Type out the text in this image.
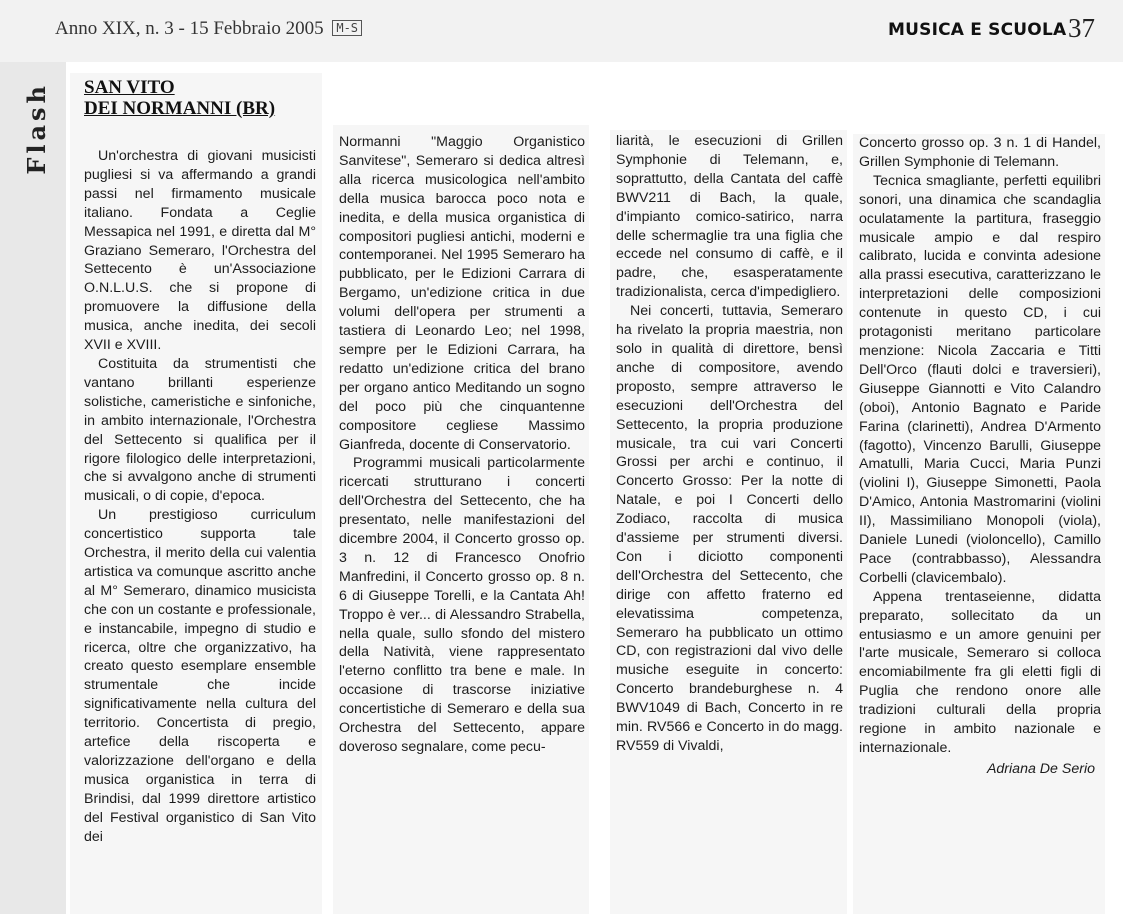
Anno XIX, n. 3 - 15 Febbraio 2005 M-S	MUSICA E SCUOLA 37
Flash SAN VITO
DEI NORMANNI (BR)

Un'orchestra di giovani musicisti pugliesi si va affermando a grandi passi nel firmamento musicale italiano. Fondata a Ceglie Messapica nel 1991, e diretta dal M° Graziano Semeraro, l'Orchestra del Settecento è un'Associazione O.N.L.U.S. che si propone di promuovere la diffusione della musica, anche inedita, dei secoli XVII e XVIII.

Costituita da strumentisti che vantano brillanti esperienze solistiche, cameristiche e sinfoniche, in ambito internazionale, l'Orchestra del Settecento si qualifica per il rigore filologico delle interpretazioni, che si avvalgono anche di strumenti musicali, o di copie, d'epoca.

Un prestigioso curriculum concertistico supporta tale Orchestra, il merito della cui valentia artistica va comunque ascritto anche al M° Semeraro, dinamico musicista che con un costante e professionale, e instancabile, impegno di studio e ricerca, oltre che organizzativo, ha creato questo esemplare ensemble strumentale che incide significativamente nella cultura del territorio. Concertista di pregio, artefice della riscoperta e valorizzazione dell'organo e della musica organistica in terra di Brindisi, dal 1999 direttore artistico del Festival organistico di San Vito dei

Normanni "Maggio Organistico Sanvitese", Semeraro si dedica altresì alla ricerca musicologica nell'ambito della musica barocca poco nota e inedita, e della musica organistica di compositori pugliesi antichi, moderni e contemporanei. Nel 1995 Semeraro ha pubblicato, per le Edizioni Carrara di Bergamo, un'edizione critica in due volumi dell'opera per strumenti a tastiera di Leonardo Leo; nel 1998, sempre per le Edizioni Carrara, ha redatto un'edizione critica del brano per organo antico Meditando un sogno del poco più che cinquantenne compositore cegliese Massimo Gianfreda, docente di Conservatorio.

Programmi musicali particolarmente ricercati strutturano i concerti dell'Orchestra del Settecento, che ha presentato, nelle manifestazioni del dicembre 2004, il Concerto grosso op. 3 n. 12 di Francesco Onofrio Manfredini, il Concerto grosso op. 8 n. 6 di Giuseppe Torelli, e la Cantata Ah! Troppo è ver... di Alessandro Strabella, nella quale, sullo sfondo del mistero della Natività, viene rappresentato l'eterno conflitto tra bene e male. In occasione di trascorse iniziative concertistiche di Semeraro e della sua Orchestra del Settecento, appare doveroso segnalare, come pecu-

liarità, le esecuzioni di Grillen Symphonie di Telemann, e, soprattutto, della Cantata del caffè BWV211 di Bach, la quale, d'impianto comico-satirico, narra delle schermaglie tra una figlia che eccede nel consumo di caffè, e il padre, che, esasperatamente tradizionalista, cerca d'impedigliero.

Nei concerti, tuttavia, Semeraro ha rivelato la propria maestria, non solo in qualità di direttore, bensì anche di compositore, avendo proposto, sempre attraverso le esecuzioni dell'Orchestra del Settecento, la propria produzione musicale, tra cui vari Concerti Grossi per archi e continuo, il Concerto Grosso: Per la notte di Natale, e poi I Concerti dello Zodiaco, raccolta di musica d'assieme per strumenti diversi. Con i diciotto componenti dell'Orchestra del Settecento, che dirige con affetto fraterno ed elevatissima competenza, Semeraro ha pubblicato un ottimo CD, con registrazioni dal vivo delle musiche eseguite in concerto: Concerto brandeburghese n. 4 BWV1049 di Bach, Concerto in re min. RV566 e Concerto in do magg. RV559 di Vivaldi,

Concerto grosso op. 3 n. 1 di Handel, Grillen Symphonie di Telemann.

Tecnica smagliante, perfetti equilibri sonori, una dinamica che scandaglia oculatamente la partitura, fraseggio musicale ampio e dal respiro calibrato, lucida e convinta adesione alla prassi esecutiva, caratterizzano le interpretazioni delle composizioni contenute in questo CD, i cui protagonisti meritano particolare menzione: Nicola Zaccaria e Titti Dell'Orco (flauti dolci e traversieri), Giuseppe Giannotti e Vito Calandro (oboi), Antonio Bagnato e Paride Farina (clarinetti), Andrea D'Armento (fagotto), Vincenzo Barulli, Giuseppe Amatulli, Maria Cucci, Maria Punzi (violini I), Giuseppe Simonetti, Paola D'Amico, Antonia Mastromarini (violini II), Massimiliano Monopoli (viola), Daniele Lunedi (violoncello), Camillo Pace (contrabbasso), Alessandra Corbelli (clavicembalo).

Appena trentaseienne, didatta preparato, sollecitato da un entusiasmo e un amore genuini per l'arte musicale, Semeraro si colloca encomiabilmente fra gli eletti figli di Puglia che rendono onore alle tradizioni culturali della propria regione in ambito nazionale e internazionale.

Adriana De Serio
